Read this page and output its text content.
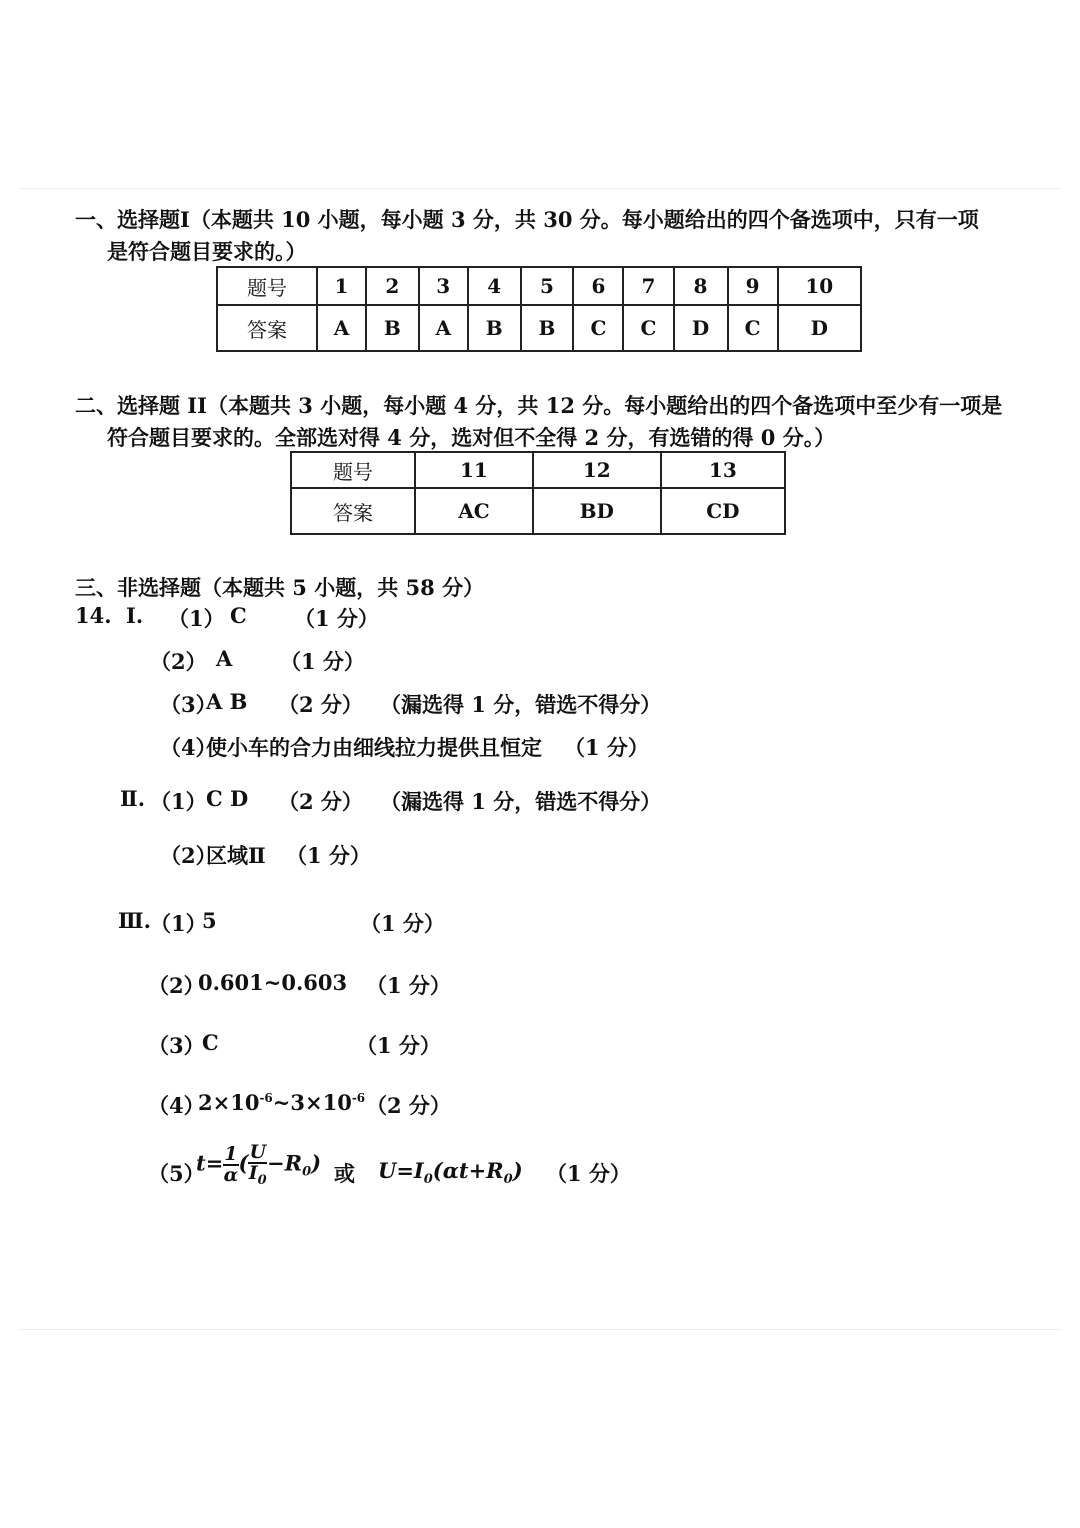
一、选择题Ⅰ（本题共 10 小题，每小题 3 分，共 30 分。每小题给出的四个备选项中，只有一项
是符合题目要求的。）
题号	1	2	3	4	5	6	7	8	9	10
答案	A	B	A	B	B	C	C	D	C	D
二、选择题 II（本题共 3 小题，每小题 4 分，共 12 分。每小题给出的四个备选项中至少有一项是
符合题目要求的。全部选对得 4 分，选对但不全得 2 分，有选错的得 0 分。）
题号	11	12	13
答案	AC	BD	CD
三、非选择题（本题共 5 小题，共 58 分）
14. Ⅰ. （1） C （1 分）
（2） A （1 分）
（3）
A B （2 分） （漏选得 1 分，错选不得分）
（4）
使小车的合力由细线拉力提供且恒定 （1 分）
Ⅱ. （1） C D （2 分） （漏选得 1 分，错选不得分）
（2）
区域Ⅱ （1 分）
Ⅲ. （1）
5	（1 分）
（2）
0.601~0.603 （1 分）
（3）
C	（1 分）
（4）
$2\times 10^{-6}\sim 3\times 10^{-6}$ （2 分）
（5）
$t= \frac{1}{\alpha}$ ( $\frac{U}{I_0} -R_0$) 或 $U=I_0(\alpha t+R_0)$ （1 分）
